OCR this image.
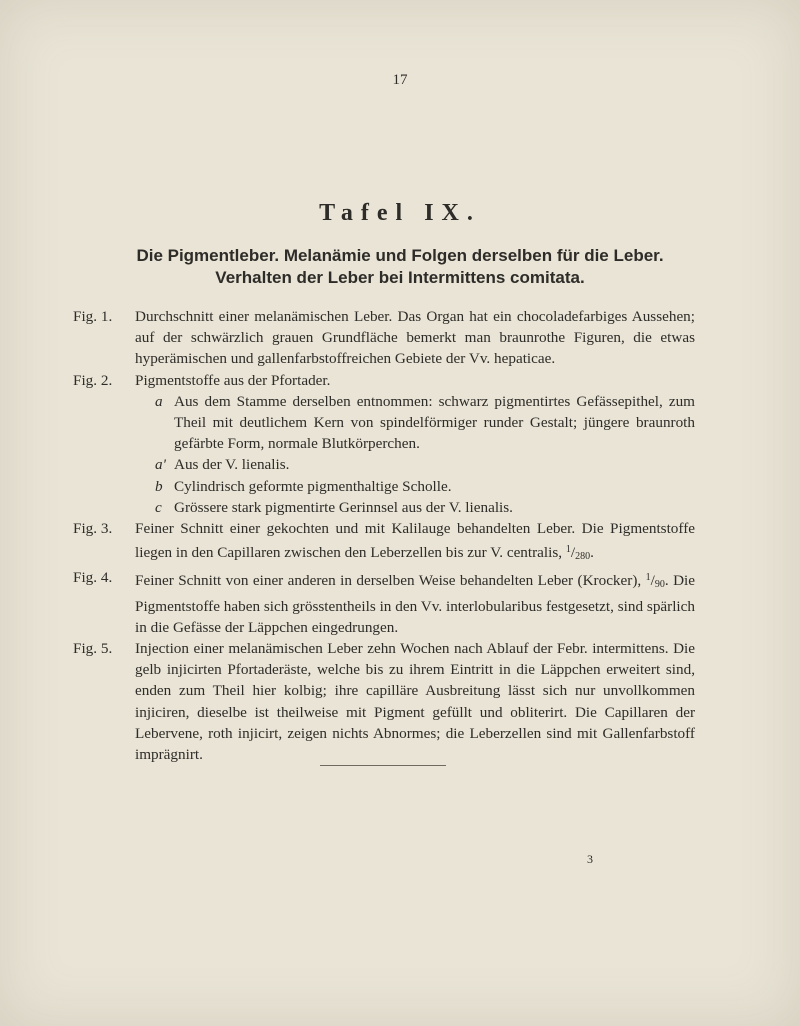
17
Tafel IX.
Die Pigmentleber. Melanämie und Folgen derselben für die Leber.
Verhalten der Leber bei Intermittens comitata.
Fig. 1. Durchschnitt einer melanämischen Leber. Das Organ hat ein chocoladefarbiges Aussehen; auf der schwärzlich grauen Grundfläche bemerkt man braunrothe Figuren, die etwas hyperämischen und gallenfarbstoffreichen Gebiete der Vv. hepaticae.
Fig. 2. Pigmentstoffe aus der Pfortader.
a Aus dem Stamme derselben entnommen: schwarz pigmentirtes Gefässepithel, zum Theil mit deutlichem Kern von spindelförmiger runder Gestalt; jüngere braunroth gefärbte Form, normale Blutkörperchen.
a' Aus der V. lienalis.
b Cylindrisch geformte pigmenthaltige Scholle.
c Grössere stark pigmentirte Gerinnsel aus der V. lienalis.
Fig. 3. Feiner Schnitt einer gekochten und mit Kalilauge behandelten Leber. Die Pigmentstoffe liegen in den Capillaren zwischen den Leberzellen bis zur V. centralis, $^1/_{280}$.
Fig. 4. Feiner Schnitt von einer anderen in derselben Weise behandelten Leber (Krocker), $^1/_{90}$. Die Pigmentstoffe haben sich grösstentheils in den Vv. interlobularibus festgesetzt, sind spärlich in die Gefässe der Läppchen eingedrungen.
Fig. 5. Injection einer melanämischen Leber zehn Wochen nach Ablauf der Febr. intermittens. Die gelb injicirten Pfortaderäste, welche bis zu ihrem Eintritt in die Läppchen erweitert sind, enden zum Theil hier kolbig; ihre capilläre Ausbreitung lässt sich nur unvollkommen injiciren, dieselbe ist theilweise mit Pigment gefüllt und obliterirt. Die Capillaren der Lebervene, roth injicirt, zeigen nichts Abnormes; die Leberzellen sind mit Gallenfarbstoff imprägnirt.
3
